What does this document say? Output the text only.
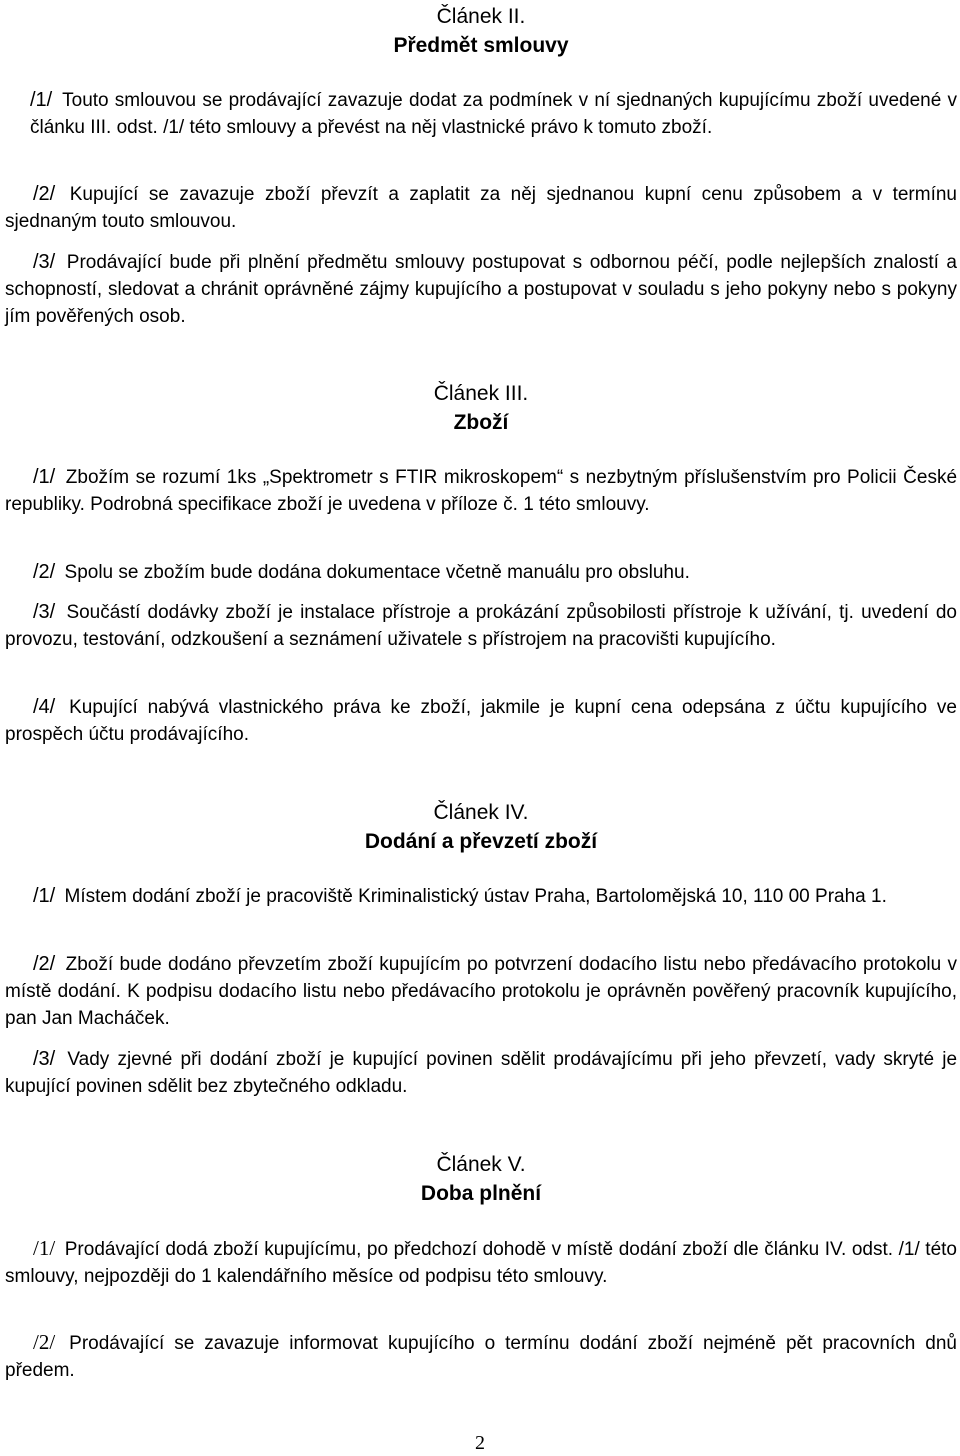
Článek II.
Předmět smlouvy

/1/ Touto smlouvou se prodávající zavazuje dodat za podmínek v ní sjednaných kupujícímu zboží uvedené v článku III. odst. /1/ této smlouvy a převést na něj vlastnické právo k tomuto zboží.

/2/ Kupující se zavazuje zboží převzít a zaplatit za něj sjednanou kupní cenu způsobem a v termínu sjednaným touto smlouvou.

/3/ Prodávající bude při plnění předmětu smlouvy postupovat s odbornou péčí, podle nejlepších znalostí a schopností, sledovat a chránit oprávněné zájmy kupujícího a postupovat v souladu s jeho pokyny nebo s pokyny jím pověřených osob.

Článek III.
Zboží

/1/ Zbožím se rozumí 1ks „Spektrometr s FTIR mikroskopem“ s nezbytným příslušenstvím pro Policii České republiky. Podrobná specifikace zboží je uvedena v příloze č. 1 této smlouvy.

/2/ Spolu se zbožím bude dodána dokumentace včetně manuálu pro obsluhu.

/3/ Součástí dodávky zboží je instalace přístroje a prokázání způsobilosti přístroje k užívání, tj. uvedení do provozu, testování, odzkoušení a seznámení uživatele s přístrojem na pracovišti kupujícího.

/4/ Kupující nabývá vlastnického práva ke zboží, jakmile je kupní cena odepsána z účtu kupujícího ve prospěch účtu prodávajícího.

Článek IV.
Dodání a převzetí zboží

/1/ Místem dodání zboží je pracoviště Kriminalistický ústav Praha, Bartolomějská 10, 110 00 Praha 1.

/2/ Zboží bude dodáno převzetím zboží kupujícím po potvrzení dodacího listu nebo předávacího protokolu v místě dodání. K podpisu dodacího listu nebo předávacího protokolu je oprávněn pověřený pracovník kupujícího, pan Jan Macháček.

/3/ Vady zjevné při dodání zboží je kupující povinen sdělit prodávajícímu při jeho převzetí, vady skryté je kupující povinen sdělit bez zbytečného odkladu.

Článek V.
Doba plnění

/1/ Prodávající dodá zboží kupujícímu, po předchozí dohodě v místě dodání zboží dle článku IV. odst. /1/ této smlouvy, nejpozději do 1 kalendářního měsíce od podpisu této smlouvy.

/2/ Prodávající se zavazuje informovat kupujícího o termínu dodání zboží nejméně pět pracovních dnů předem.

2
